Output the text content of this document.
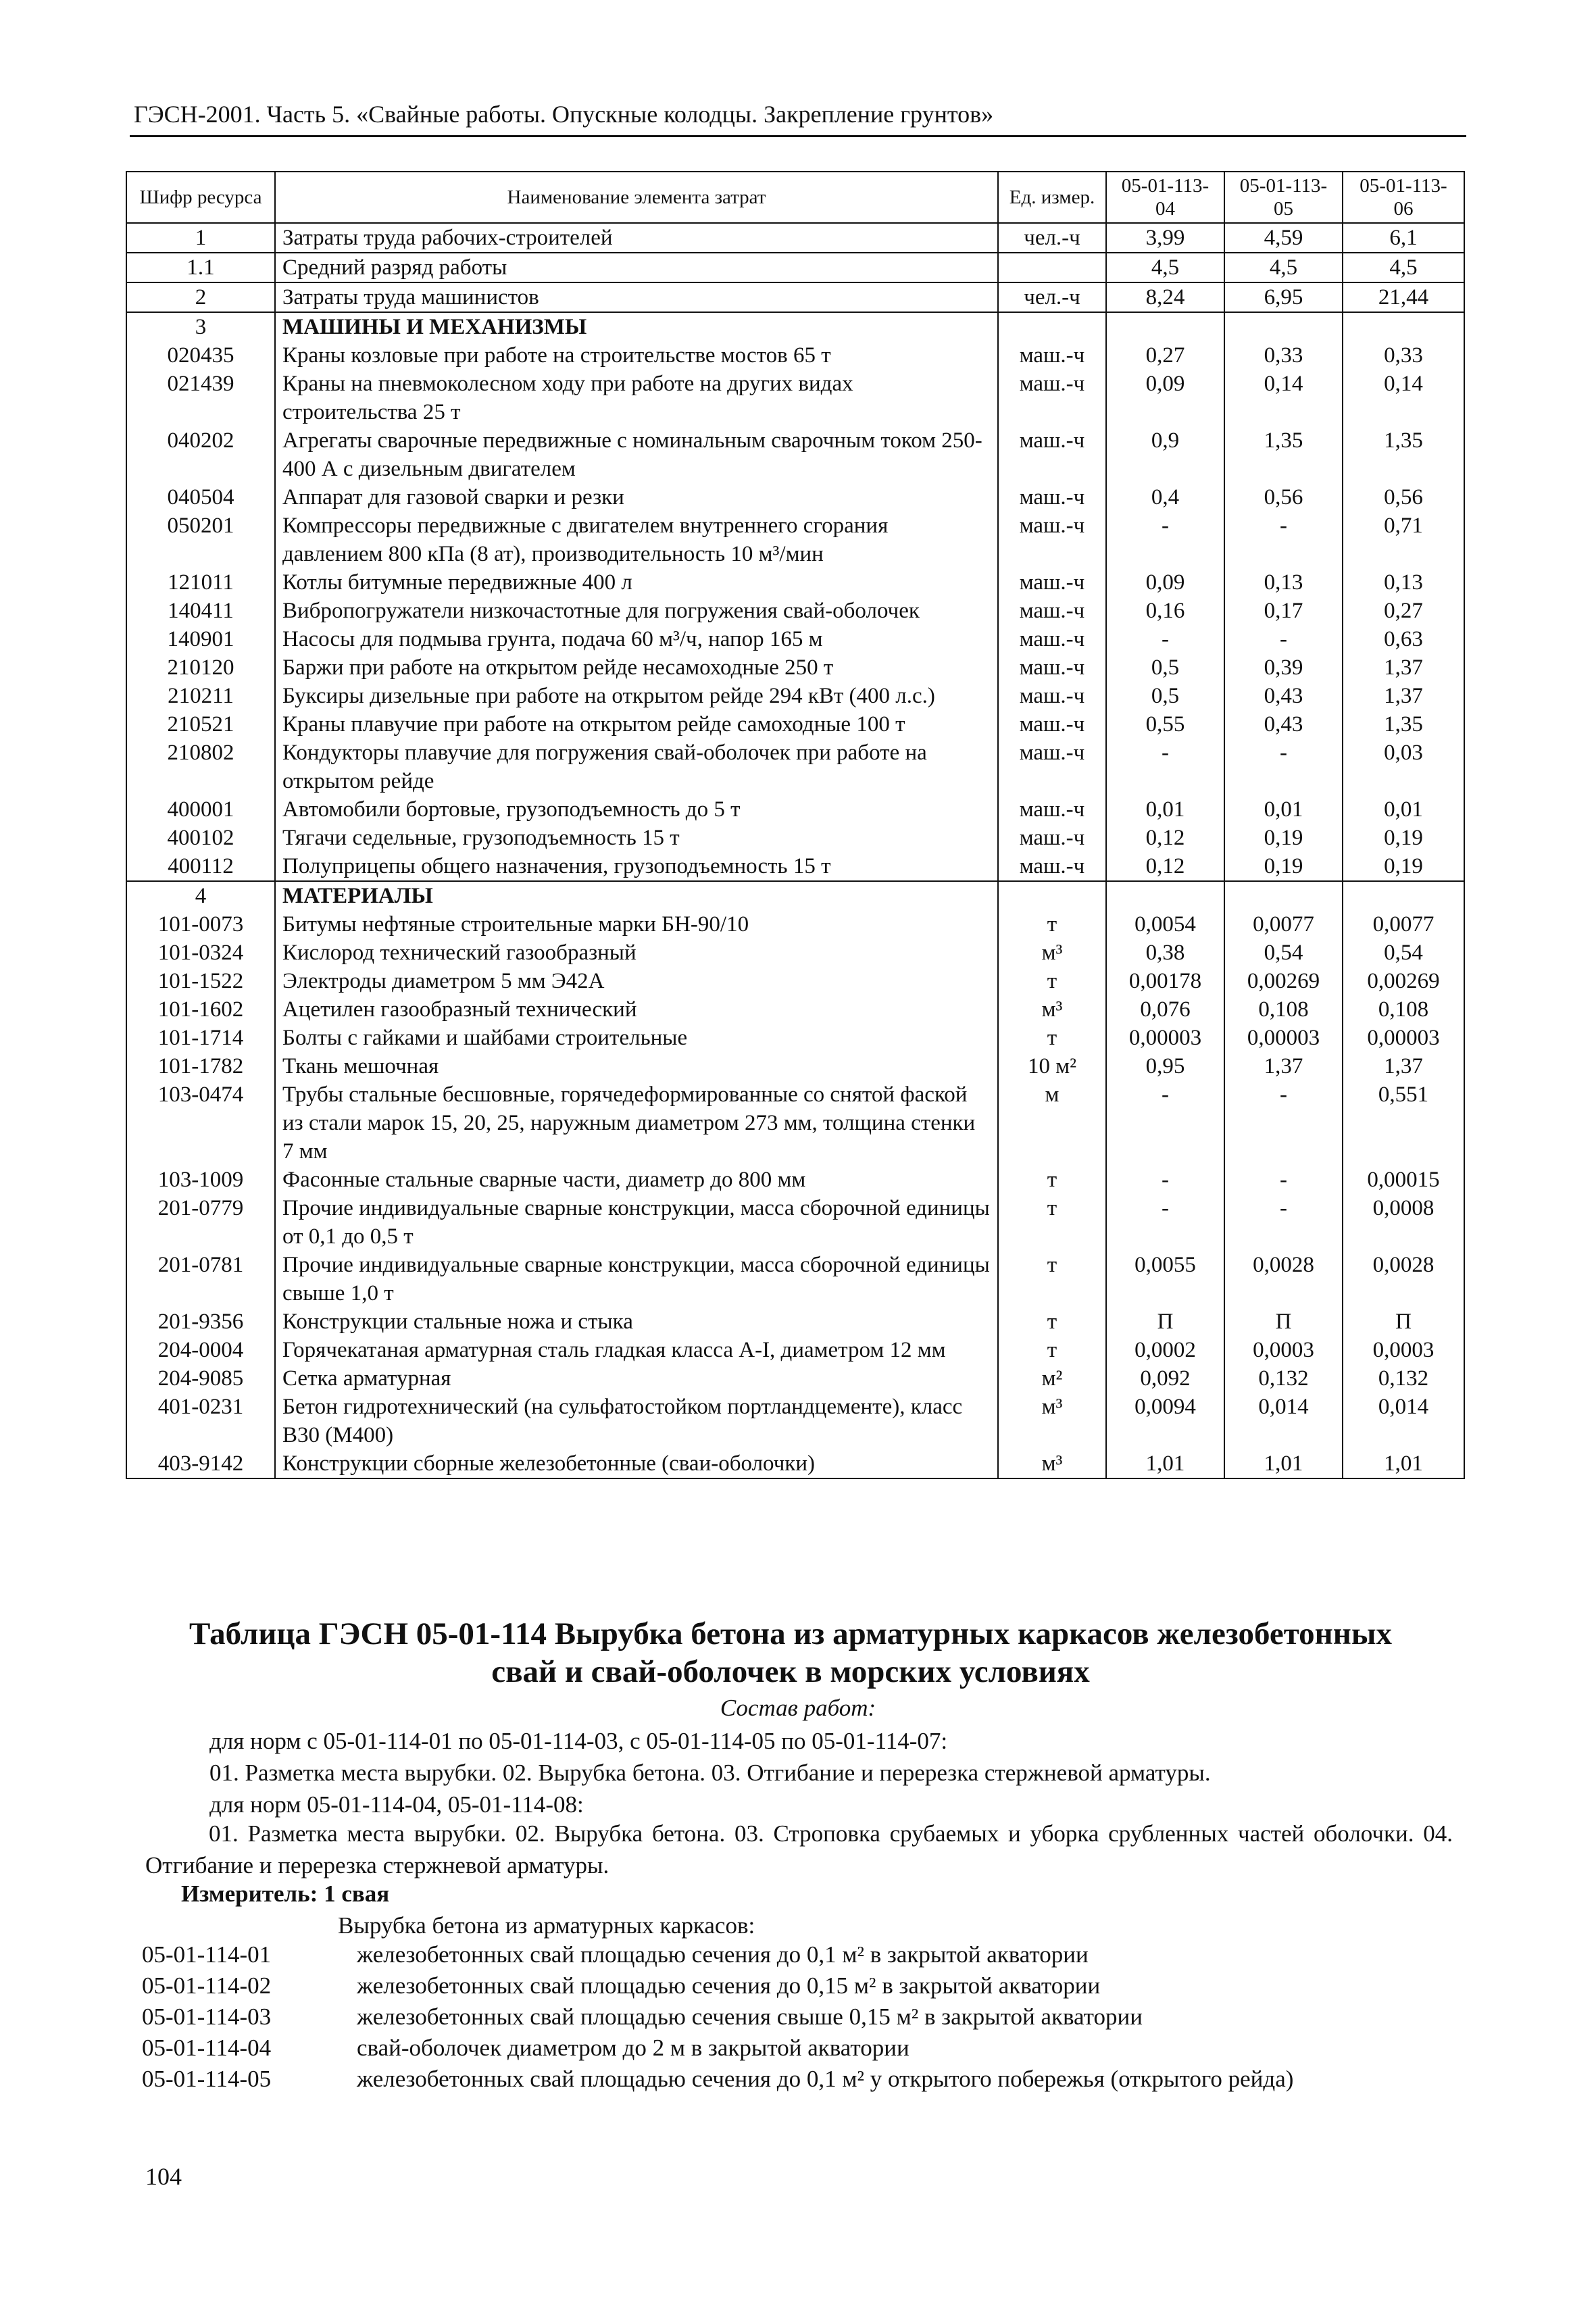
ГЭСН-2001. Часть 5. «Свайные работы. Опускные колодцы. Закрепление грунтов»
Шифр ресурса	Наименование элемента затрат	Ед. измер.	05-01-113-04	05-01-113-05	05-01-113-06
1	Затраты труда рабочих-строителей	чел.-ч	3,99	4,59	6,1
1.1	Средний разряд работы		4,5	4,5	4,5
2	Затраты труда машинистов	чел.-ч	8,24	6,95	21,44
3	МАШИНЫ И МЕХАНИЗМЫ				
020435	Краны козловые при работе на строительстве мостов 65 т	маш.-ч	0,27	0,33	0,33
021439	Краны на пневмоколесном ходу при работе на других видах строительства 25 т	маш.-ч	0,09	0,14	0,14
040202	Агрегаты сварочные передвижные с номинальным сварочным током 250-400 А с дизельным двигателем	маш.-ч	0,9	1,35	1,35
040504	Аппарат для газовой сварки и резки	маш.-ч	0,4	0,56	0,56
050201	Компрессоры передвижные с двигателем внутреннего сгорания давлением 800 кПа (8 ат), производительность 10 м³/мин	маш.-ч	-	-	0,71
121011	Котлы битумные передвижные 400 л	маш.-ч	0,09	0,13	0,13
140411	Вибропогружатели низкочастотные для погружения свай-оболочек	маш.-ч	0,16	0,17	0,27
140901	Насосы для подмыва грунта, подача 60 м³/ч, напор 165 м	маш.-ч	-	-	0,63
210120	Баржи при работе на открытом рейде несамоходные 250 т	маш.-ч	0,5	0,39	1,37
210211	Буксиры дизельные при работе на открытом рейде 294 кВт (400 л.с.)	маш.-ч	0,5	0,43	1,37
210521	Краны плавучие при работе на открытом рейде самоходные 100 т	маш.-ч	0,55	0,43	1,35
210802	Кондукторы плавучие для погружения свай-оболочек при работе на открытом рейде	маш.-ч	-	-	0,03
400001	Автомобили бортовые, грузоподъемность до 5 т	маш.-ч	0,01	0,01	0,01
400102	Тягачи седельные, грузоподъемность 15 т	маш.-ч	0,12	0,19	0,19
400112	Полуприцепы общего назначения, грузоподъемность 15 т	маш.-ч	0,12	0,19	0,19
4	МАТЕРИАЛЫ				
101-0073	Битумы нефтяные строительные марки БН-90/10	т	0,0054	0,0077	0,0077
101-0324	Кислород технический газообразный	м³	0,38	0,54	0,54
101-1522	Электроды диаметром 5 мм Э42А	т	0,00178	0,00269	0,00269
101-1602	Ацетилен газообразный технический	м³	0,076	0,108	0,108
101-1714	Болты с гайками и шайбами строительные	т	0,00003	0,00003	0,00003
101-1782	Ткань мешочная	10 м²	0,95	1,37	1,37
103-0474	Трубы стальные бесшовные, горячедеформированные со снятой фаской из стали марок 15, 20, 25, наружным диаметром 273 мм, толщина стенки 7 мм	м	-	-	0,551
103-1009	Фасонные стальные сварные части, диаметр до 800 мм	т	-	-	0,00015
201-0779	Прочие индивидуальные сварные конструкции, масса сборочной единицы от 0,1 до 0,5 т	т	-	-	0,0008
201-0781	Прочие индивидуальные сварные конструкции, масса сборочной единицы свыше 1,0 т	т	0,0055	0,0028	0,0028
201-9356	Конструкции стальные ножа и стыка	т	П	П	П
204-0004	Горячекатаная арматурная сталь гладкая класса А-I, диаметром 12 мм	т	0,0002	0,0003	0,0003
204-9085	Сетка арматурная	м²	0,092	0,132	0,132
401-0231	Бетон гидротехнический (на сульфатостойком портландцементе), класс В30 (М400)	м³	0,0094	0,014	0,014
403-9142	Конструкции сборные железобетонные (сваи-оболочки)	м³	1,01	1,01	1,01
Таблица ГЭСН 05-01-114 Вырубка бетона из арматурных каркасов железобетонных
свай и свай-оболочек в морских условиях
Состав работ:
для норм с 05-01-114-01 по 05-01-114-03, с 05-01-114-05 по 05-01-114-07:
01. Разметка места вырубки. 02. Вырубка бетона. 03. Отгибание и перерезка стержневой арматуры.
для норм 05-01-114-04, 05-01-114-08:
01. Разметка места вырубки. 02. Вырубка бетона. 03. Строповка срубаемых и уборка срубленных частей оболочки. 04. Отгибание и перерезка стержневой арматуры.
Измеритель: 1 свая
Вырубка бетона из арматурных каркасов:
05-01-114-01	железобетонных свай площадью сечения до 0,1 м² в закрытой акватории
05-01-114-02	железобетонных свай площадью сечения до 0,15 м² в закрытой акватории
05-01-114-03	железобетонных свай площадью сечения свыше 0,15 м² в закрытой акватории
05-01-114-04	свай-оболочек диаметром до 2 м в закрытой акватории
05-01-114-05	железобетонных свай площадью сечения до 0,1 м² у открытого побережья (открытого рейда)
104
